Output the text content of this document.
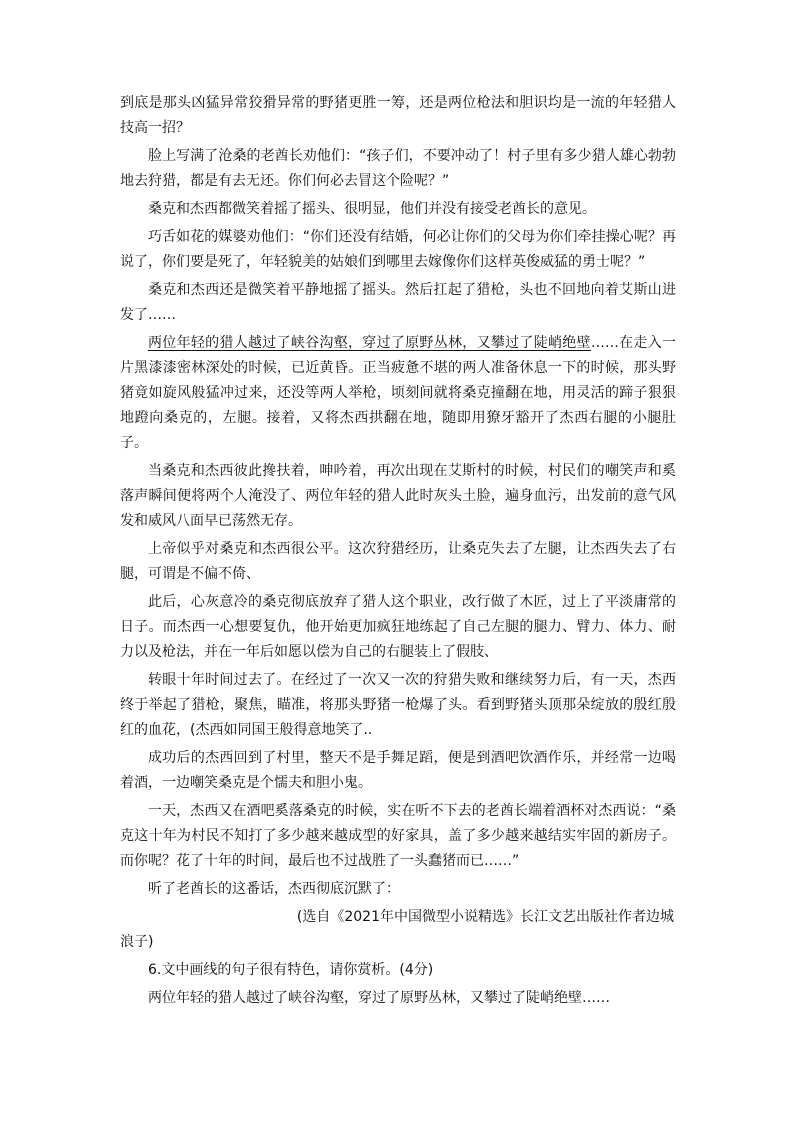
到底是那头凶猛异常狡猾异常的野猪更胜一筹，还是两位枪法和胆识均是一流的年轻猎人技高一招？

脸上写满了沧桑的老酋长劝他们：“孩子们，不要冲动了！村子里有多少猎人雄心勃勃地去狩猎，都是有去无还。你们何必去冒这个险呢？”

桑克和杰西都微笑着摇了摇头、很明显，他们并没有接受老酋长的意见。

巧舌如花的媒婆劝他们：“你们还没有结婚，何必让你们的父母为你们牵挂操心呢？再说了，你们要是死了，年轻貌美的姑娘们到哪里去嫁像你们这样英俊威猛的勇士呢？”

桑克和杰西还是微笑着平静地摇了摇头。然后扛起了猎枪，头也不回地向着艾斯山进发了……

两位年轻的猎人越过了峡谷沟壑，穿过了原野丛林，又攀过了陡峭绝壁……在走入一片黑漆漆密林深处的时候，已近黄昏。正当疲惫不堪的两人准备休息一下的时候，那头野猪竟如旋风般猛冲过来，还没等两人举枪，顷刻间就将桑克撞翻在地，用灵活的蹄子狠狠地蹬向桑克的，左腿。接着，又将杰西拱翻在地，随即用獠牙豁开了杰西右腿的小腿肚子。

当桑克和杰西彼此搀扶着，呻吟着，再次出现在艾斯村的时候，村民们的嘲笑声和奚落声瞬间便将两个人淹没了、两位年轻的猎人此时灰头土脸，遍身血污，出发前的意气风发和威风八面早已荡然无存。

上帝似乎对桑克和杰西很公平。这次狩猎经历，让桑克失去了左腿，让杰西失去了右腿，可谓是不偏不倚、

此后，心灰意冷的桑克彻底放弃了猎人这个职业，改行做了木匠，过上了平淡庸常的日子。而杰西一心想要复仇，他开始更加疯狂地练起了自己左腿的腿力、臂力、体力、耐力以及枪法，并在一年后如愿以偿为自己的右腿装上了假肢、

转眼十年时间过去了。在经过了一次又一次的狩猎失败和继续努力后，有一天，杰西终于举起了猎枪，聚焦，瞄准，将那头野猪一枪爆了头。看到野猪头顶那朵绽放的殷红殷红的血花，(杰西如同国王般得意地笑了..

成功后的杰西回到了村里，整天不是手舞足蹈，便是到酒吧饮酒作乐，并经常一边喝着酒，一边嘲笑桑克是个懦夫和胆小鬼。

一天，杰西又在酒吧奚落桑克的时候，实在听不下去的老酋长端着酒杯对杰西说：“桑克这十年为村民不知打了多少越来越成型的好家具，盖了多少越来越结实牢固的新房子。而你呢？花了十年的时间，最后也不过战胜了一头蠢猪而已……”

听了老酋长的这番话，杰西彻底沉默了：

(选自《2021年中国微型小说精选》长江文艺出版社作者边城
浪子)

6.文中画线的句子很有特色，请你赏析。(4分)

两位年轻的猎人越过了峡谷沟壑，穿过了原野丛林，又攀过了陡峭绝壁……
